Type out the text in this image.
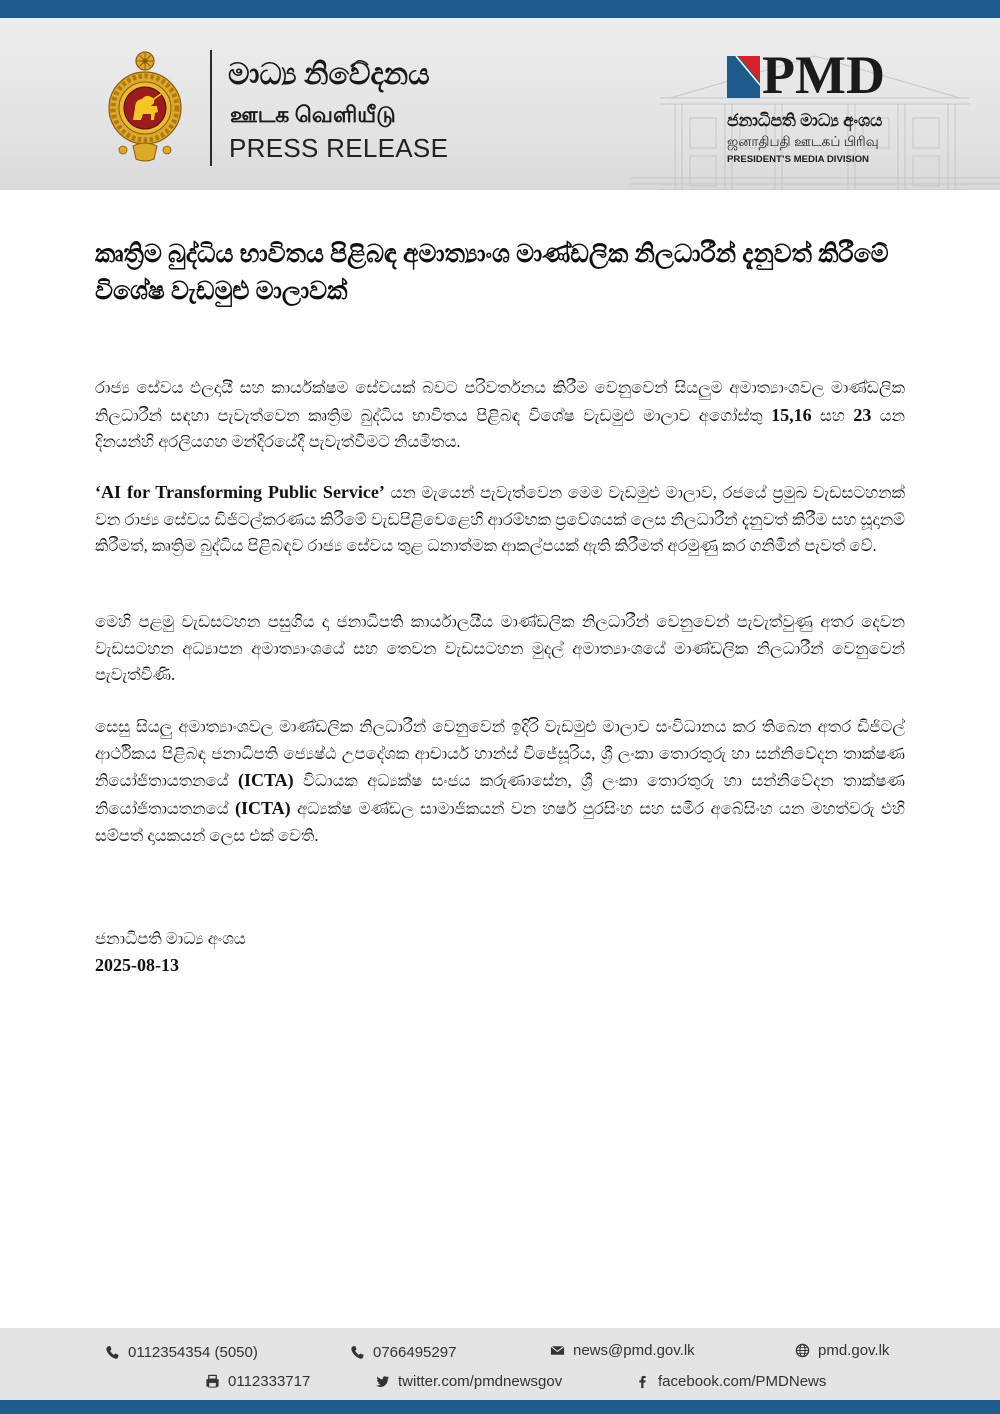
මාධ්‍ය නිවේදනය
ஊடக வெளியீடு
PRESS RELEASE
PMD
ජනාධිපති මාධ්‍ය අංශය
ஜனாதிபதி ஊடகப் பிரிவு
PRESIDENT’S MEDIA DIVISION
කෘත්‍රිම බුද්ධිය භාවිතය පිළිබඳ අමාත්‍යාංශ මාණ්ඩලික නිලධාරීන් දැනුවත් කිරීමේ විශේෂ වැඩමුළු මාලාවක්

රාජ්‍ය සේවය ඵලදායී සහ කාර්යක්ෂම සේවයක් බවට පරිවර්තනය කිරීම වෙනුවෙන් සියලුම අමාත්‍යාංශවල මාණ්ඩලික නිලධාරීන් සඳහා පැවැත්වෙන කෘත්‍රිම බුද්ධිය භාවිතය පිළිබඳ විශේෂ වැඩමුළු මාලාව අගෝස්තු 15,16 සහ 23 යන දිනයන්හි අරලියගහ මන්දිරයේදී පැවැත්වීමට නියමිතය.

‘AI for Transforming Public Service’ යන මැයෙන් පැවැත්වෙන මෙම වැඩමුළු මාලාව, රජයේ ප්‍රමුඛ වැඩසටහනක් වන රාජ්‍ය සේවය ඩිජිටල්කරණය කිරීමේ වැඩපිළිවෙළෙහි ආරම්භක ප්‍රවේශයක් ලෙස නිලධාරීන් දැනුවත් කිරීම සහ සූදානම් කිරීමත්, කෘත්‍රිම බුද්ධිය පිළිබඳව රාජ්‍ය සේවය තුළ ධනාත්මක ආකල්පයක් ඇති කිරීමත් අරමුණු කර ගනිමින් පැවත් වේ.

මෙහි පළමු වැඩසටහන පසුගිය දා ජනාධිපති කාර්යාලයීය මාණ්ඩලික නිලධාරීන් වෙනුවෙන් පැවැත්වුණු අතර දෙවන වැඩසටහන අධ්‍යාපන අමාත්‍යාංශයේ සහ තෙවන වැඩසටහන මුදල් අමාත්‍යාංශයේ මාණ්ඩලික නිලධාරීන් වෙනුවෙන් පැවැත්විණි.

සෙසු සියලු අමාත්‍යාංශවල මාණ්ඩලික නිලධාරීන් වෙනුවෙන් ඉදිරි වැඩමුළු මාලාව සංවිධානය කර තිබෙන අතර ඩිජිටල් ආර්ථිකය පිළිබඳ ජනාධිපති ජ්‍යෙෂ්ඨ උපදේශක ආචාර්ය හාන්ස් විජේසූරිය, ශ්‍රී ලංකා තොරතුරු හා සන්නිවේදන තාක්ෂණ නියෝජිතායතනයේ (ICTA) විධායක අධ්‍යක්ෂ සංජය කරුණාසේන, ශ්‍රී ලංකා තොරතුරු හා සන්නිවේදන තාක්ෂණ නියෝජිතායතනයේ (ICTA) අධ්‍යක්ෂ මණ්ඩල සාමාජිකයන් වන හර්ෂ පුරසිංහ සහ සමීර අබේසිංහ යන මහත්වරු එහි සම්පත් දායකයන් ලෙස එක් වෙති.

ජනාධිපති මාධ්‍ය අංශය
2025-08-13
0112354354 (5050)	0766495297	news@pmd.gov.lk	pmd.gov.lk
0112333717	twitter.com/pmdnewsgov	facebook.com/PMDNews
